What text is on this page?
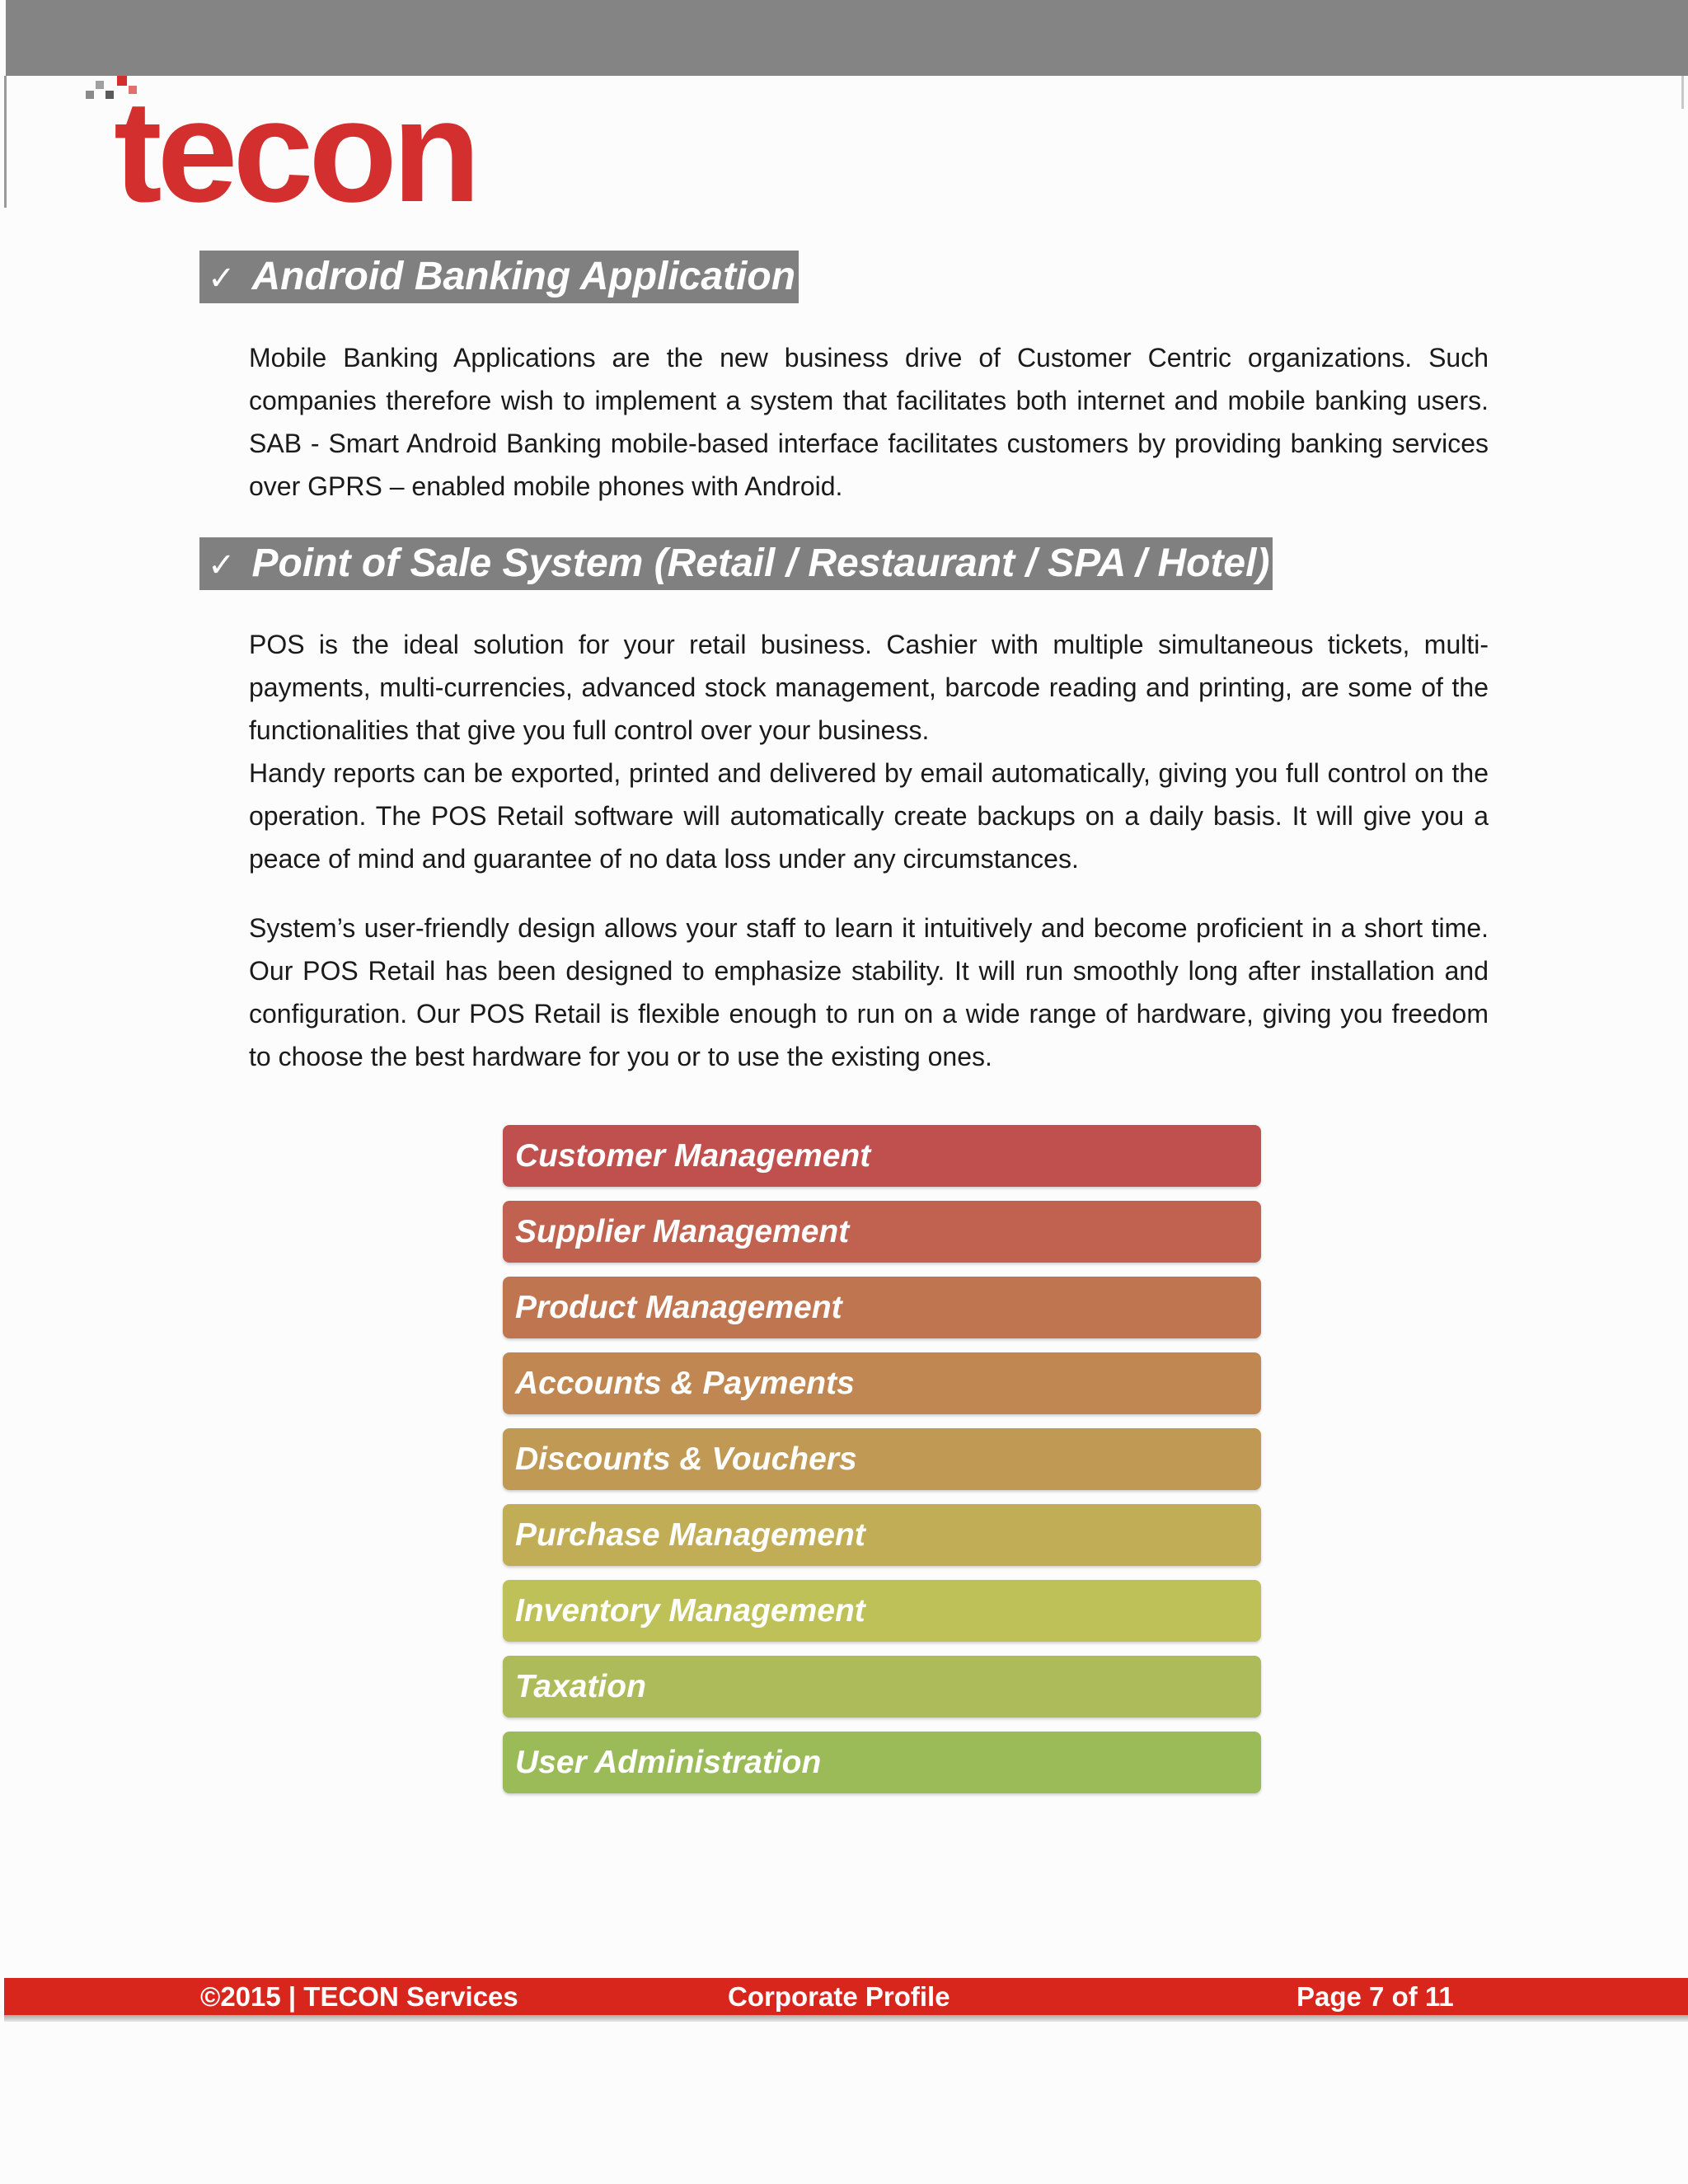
tecon
✓ Android Banking Application

Mobile Banking Applications are the new business drive of Customer Centric organizations. Such companies therefore wish to implement a system that facilitates both internet and mobile banking users. SAB - Smart Android Banking mobile-based interface facilitates customers by providing banking services over GPRS – enabled mobile phones with Android.

✓ Point of Sale System (Retail / Restaurant / SPA / Hotel)

POS is the ideal solution for your retail business. Cashier with multiple simultaneous tickets, multi-payments, multi-currencies, advanced stock management, barcode reading and printing, are some of the functionalities that give you full control over your business.

Handy reports can be exported, printed and delivered by email automatically, giving you full control on the operation. The POS Retail software will automatically create backups on a daily basis. It will give you a peace of mind and guarantee of no data loss under any circumstances.

System’s user-friendly design allows your staff to learn it intuitively and become proficient in a short time. Our POS Retail has been designed to emphasize stability. It will run smoothly long after installation and configuration. Our POS Retail is flexible enough to run on a wide range of hardware, giving you freedom to choose the best hardware for you or to use the existing ones.

Customer Management
Supplier Management
Product Management
Accounts & Payments
Discounts & Vouchers
Purchase Management
Inventory Management
Taxation
User Administration
©2015 | TECON Services	Corporate Profile	Page 7 of 11
